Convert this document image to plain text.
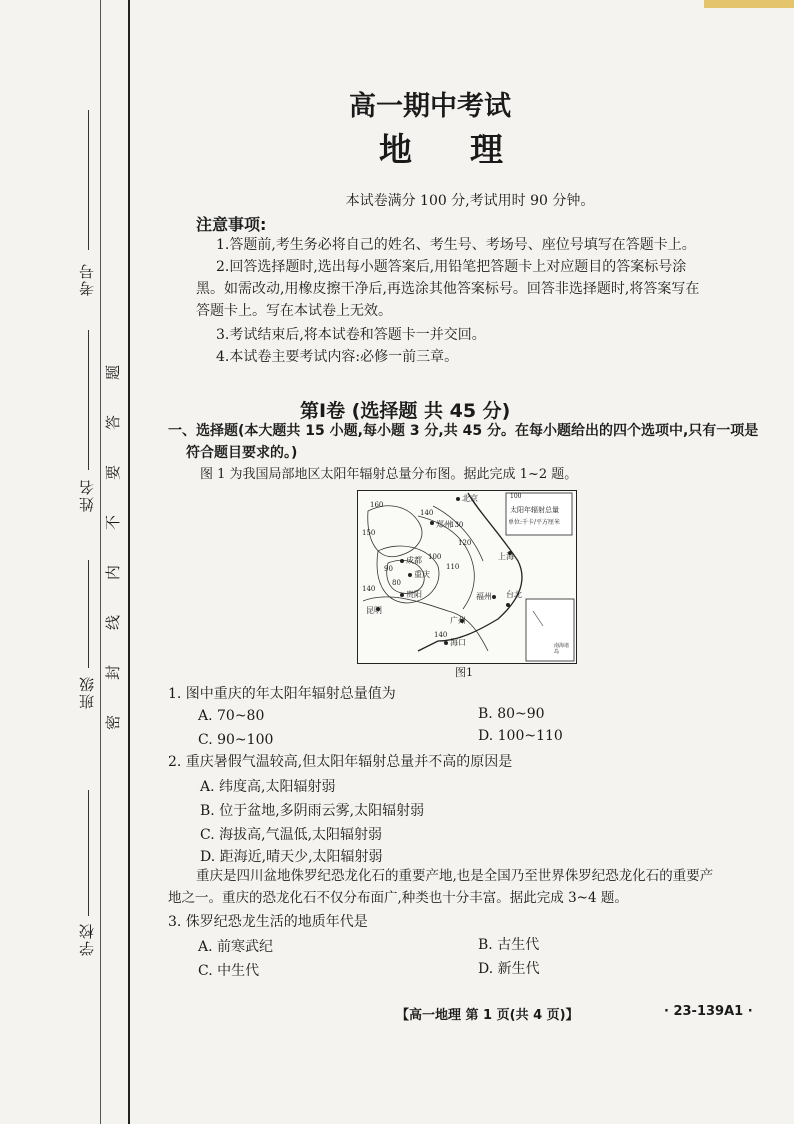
考号
姓名
班级
学校
题
答
要
不
内
线
封
密
高一期中考试
地理
本试卷满分 100 分,考试用时 90 分钟。
注意事项:
1.答题前,考生务必将自己的姓名、考生号、考场号、座位号填写在答题卡上。
2.回答选择题时,选出每小题答案后,用铅笔把答题卡上对应题目的答案标号涂
黑。如需改动,用橡皮擦干净后,再选涂其他答案标号。回答非选择题时,将答案写在
答题卡上。写在本试卷上无效。
3.考试结束后,将本试卷和答题卡一并交回。
4.本试卷主要考试内容:必修一前三章。
第Ⅰ卷 (选择题 共 45 分)
一、选择题(本大题共 15 小题,每小题 3 分,共 45 分。在每小题给出的四个选项中,只有一项是
符合题目要求的。)
图 1 为我国局部地区太阳年辐射总量分布图。据此完成 1~2 题。
100
太阳年辐射总量
单位:千卡/平方厘米
北京
郑州
成都
重庆
贵阳
上海
福州 台北
广州
海口
昆明
南海诸岛
160
150
140
130
120
110
100
90
80
140
140
图1
1. 图中重庆的年太阳年辐射总量值为
A. 70~80	B. 80~90
C. 90~100	D. 100~110
2. 重庆暑假气温较高,但太阳年辐射总量并不高的原因是
A. 纬度高,太阳辐射弱
B. 位于盆地,多阴雨云雾,太阳辐射弱
C. 海拔高,气温低,太阳辐射弱
D. 距海近,晴天少,太阳辐射弱
重庆是四川盆地侏罗纪恐龙化石的重要产地,也是全国乃至世界侏罗纪恐龙化石的重要产
地之一。重庆的恐龙化石不仅分布面广,种类也十分丰富。据此完成 3~4 题。
3. 侏罗纪恐龙生活的地质年代是
A. 前寒武纪	B. 古生代
C. 中生代	D. 新生代
【高一地理 第 1 页(共 4 页)】	· 23-139A1 ·
